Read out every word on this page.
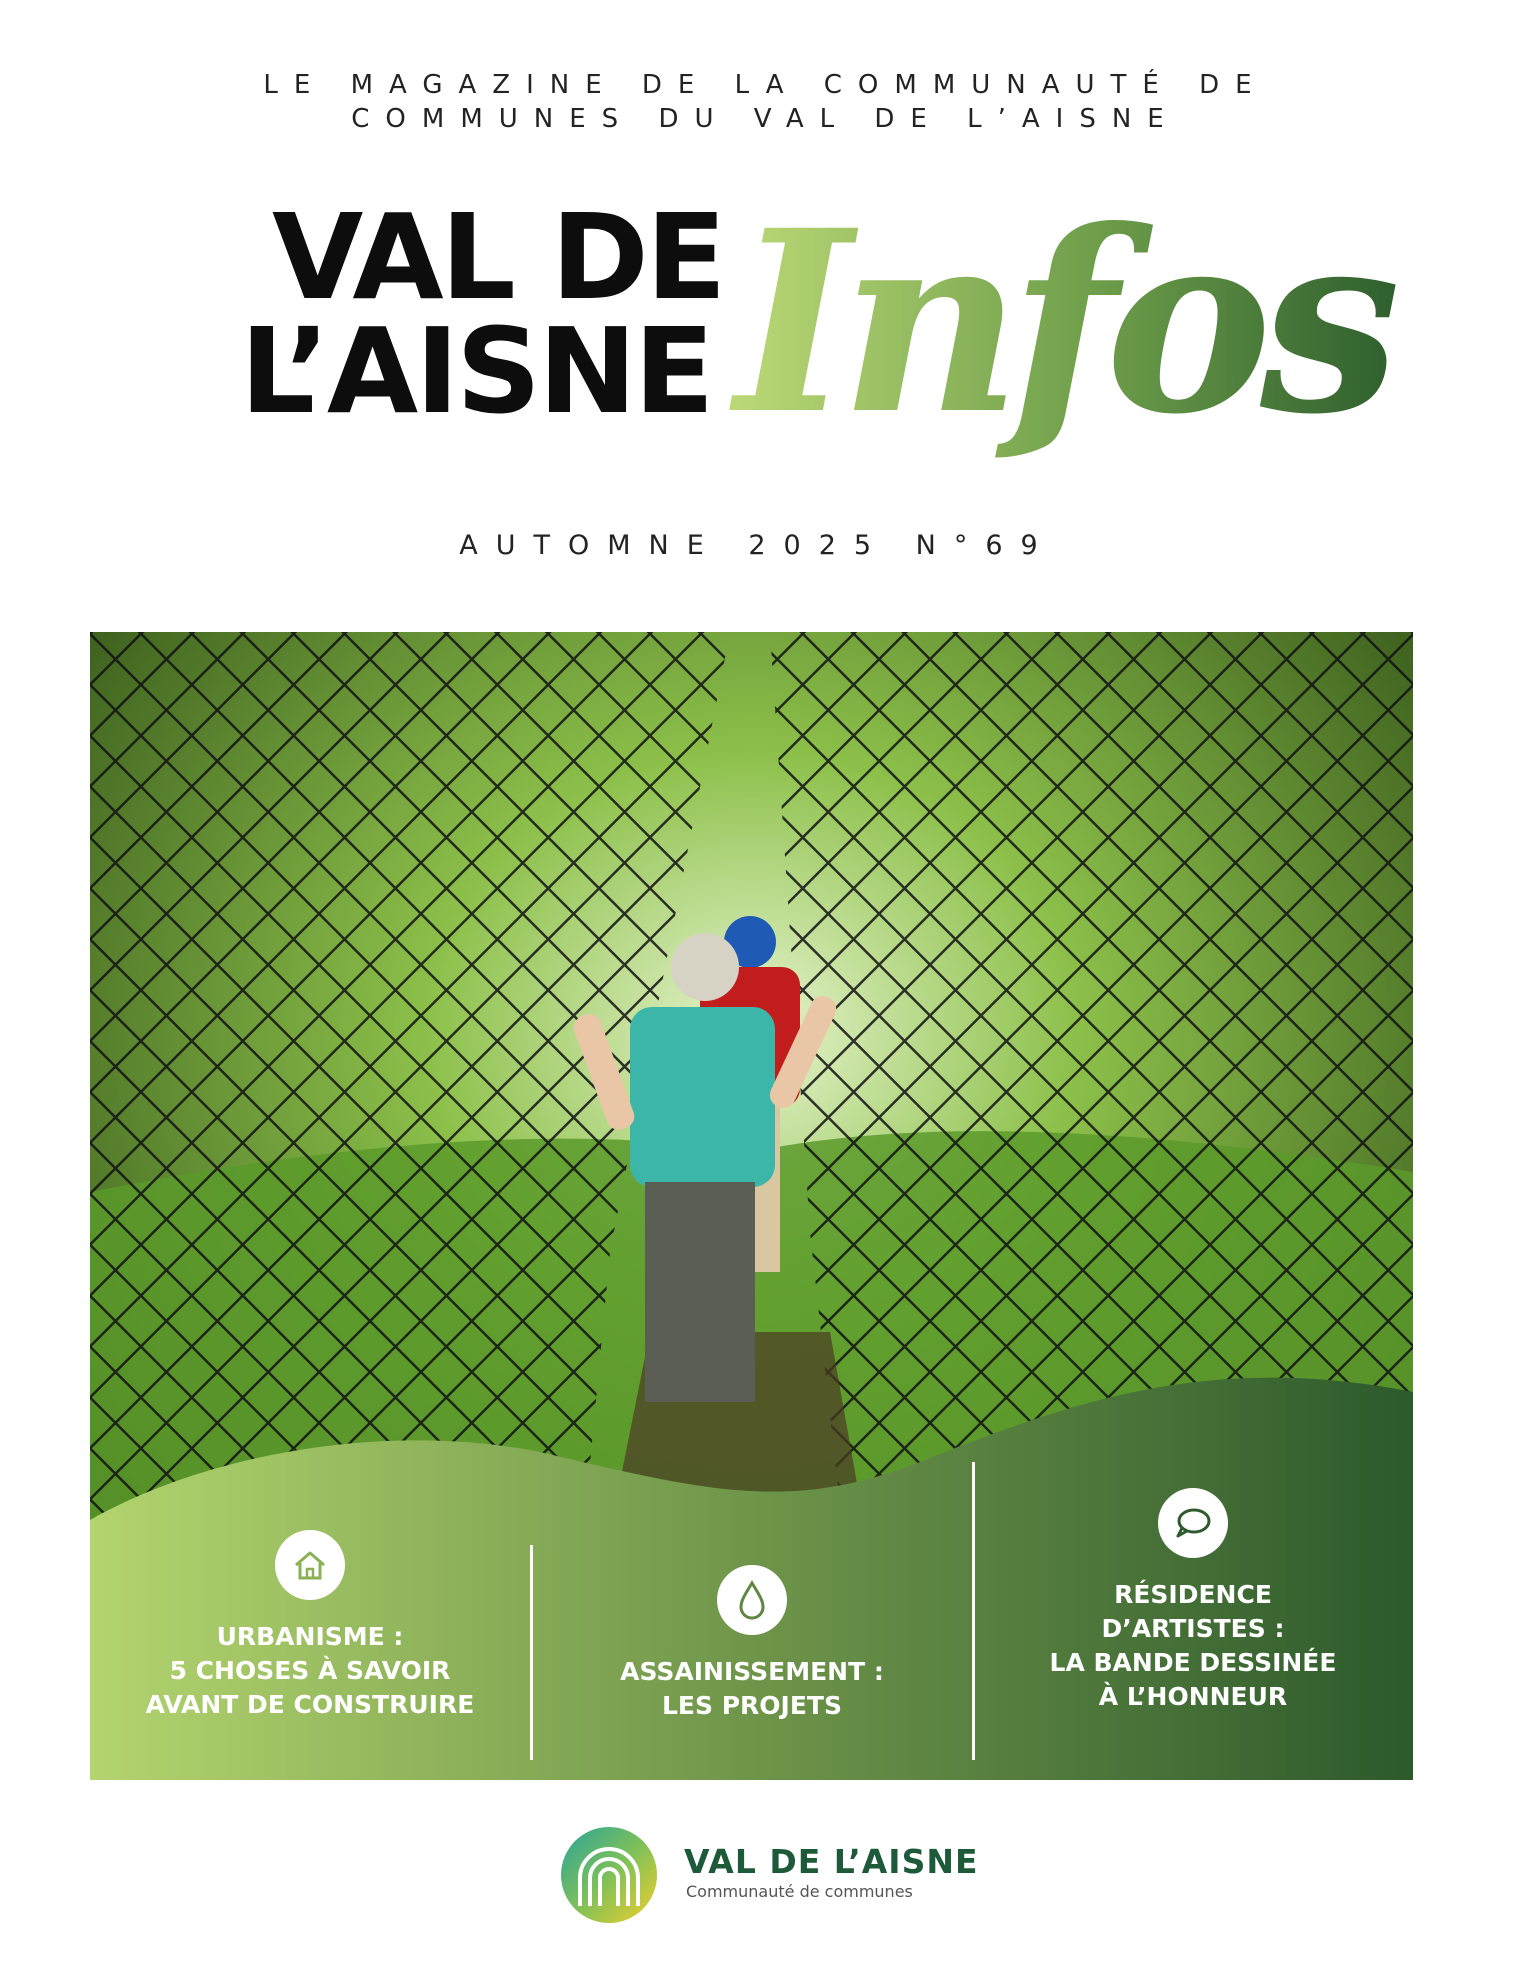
LE MAGAZINE DE LA COMMUNAUTÉ DE
COMMUNES DU VAL DE L’AISNE
VAL DE
L’AISNE Infos
AUTOMNE 2025 N°69
URBANISME :
5 CHOSES À SAVOIR
AVANT DE CONSTRUIRE
ASSAINISSEMENT :
LES PROJETS
RÉSIDENCE
D’ARTISTES :
LA BANDE DESSINÉE
À L’HONNEUR
VAL DE L’AISNE
Communauté de communes
